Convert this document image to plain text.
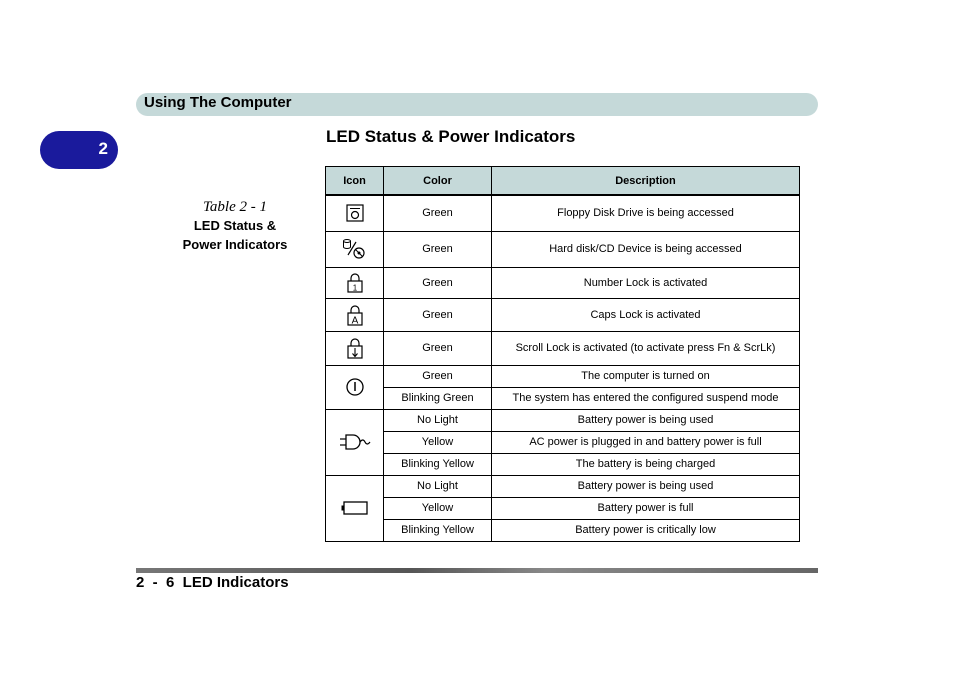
Using The Computer
2
LED Status & Power Indicators
Table 2 - 1
LED Status &
Power Indicators
Icon	Color	Description
	Green	Floppy Disk Drive is being accessed
	Green	Hard disk/CD Device is being accessed

1	Green	Number Lock is activated

A	Green	Caps Lock is activated
	Green	Scroll Lock is activated (to activate press Fn & ScrLk)
	Green	The computer is turned on
	Blinking Green	The system has entered the configured suspend mode
	No Light	Battery power is being used
	Yellow	AC power is plugged in and battery power is full
	Blinking Yellow	The battery is being charged
	No Light	Battery power is being used
	Yellow	Battery power is full
	Blinking Yellow	Battery power is critically low
2  -  6  LED Indicators
